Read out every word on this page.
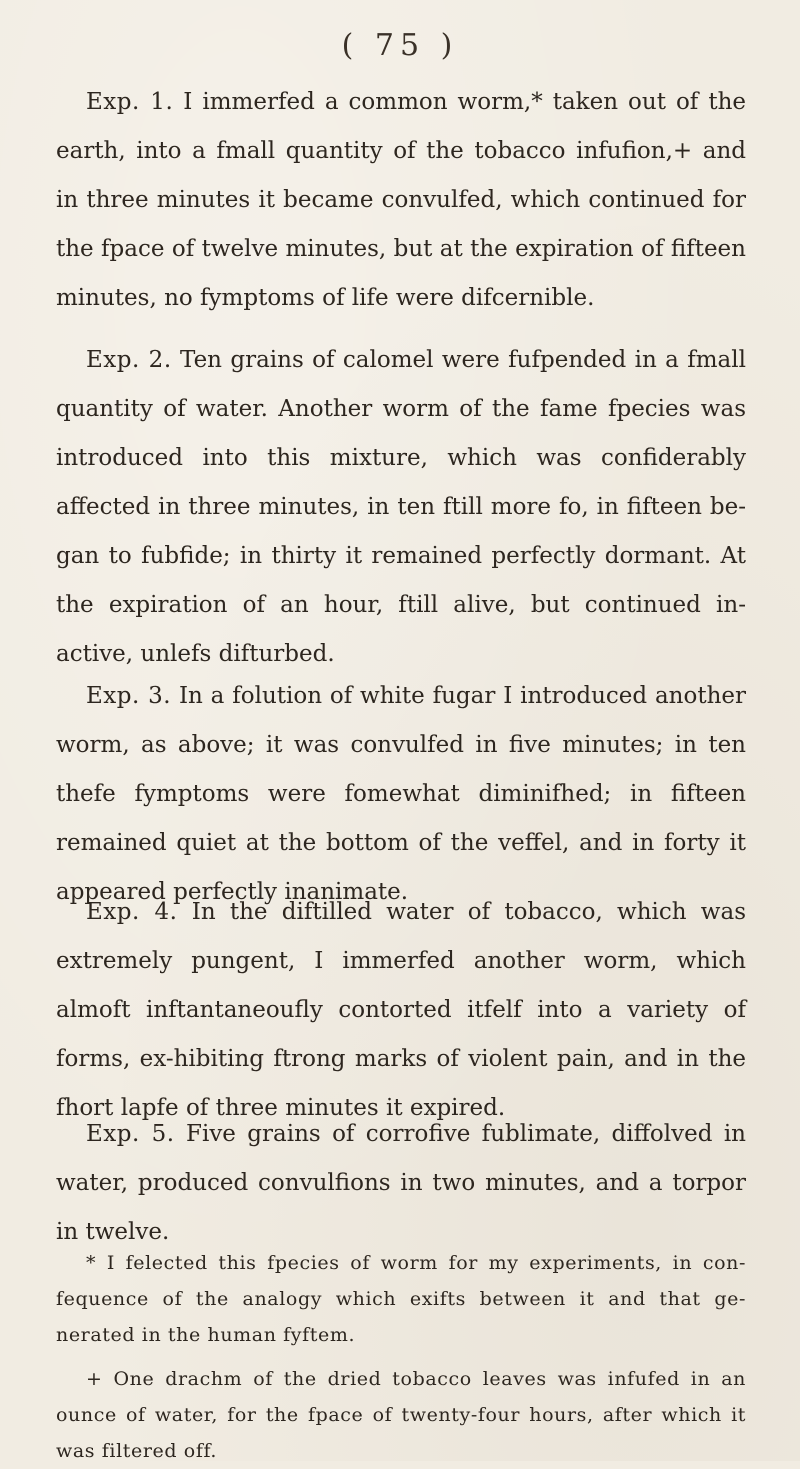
( 75 )

Exp. 1. I immerfed a common worm,* taken out of the earth, into a fmall quantity of the tobacco infufion,+ and in three minutes it became convulfed, which continued for the fpace of twelve minutes, but at the expiration of fifteen minutes, no fymptoms of life were difcernible.

Exp. 2. Ten grains of calomel were fufpended in a fmall quantity of water. Another worm of the fame fpecies was introduced into this mixture, which was confiderably affected in three minutes, in ten ftill more fo, in fifteen be-gan to fubfide; in thirty it remained perfectly dormant. At the expiration of an hour, ftill alive, but continued in-active, unlefs difturbed.

Exp. 3. In a folution of white fugar I introduced another worm, as above; it was convulfed in five minutes; in ten thefe fymptoms were fomewhat diminifhed; in fifteen remained quiet at the bottom of the veffel, and in forty it appeared perfectly inanimate.

Exp. 4. In the diftilled water of tobacco, which was extremely pungent, I immerfed another worm, which almoft inftantaneoufly contorted itfelf into a variety of forms, ex-hibiting ftrong marks of violent pain, and in the fhort lapfe of three minutes it expired.

Exp. 5. Five grains of corrofive fublimate, diffolved in water, produced convulfions in two minutes, and a torpor in twelve.

* I felected this fpecies of worm for my experiments, in con-fequence of the analogy which exifts between it and that ge-nerated in the human fyftem.

+ One drachm of the dried tobacco leaves was infufed in an ounce of water, for the fpace of twenty-four hours, after which it was filtered off.
